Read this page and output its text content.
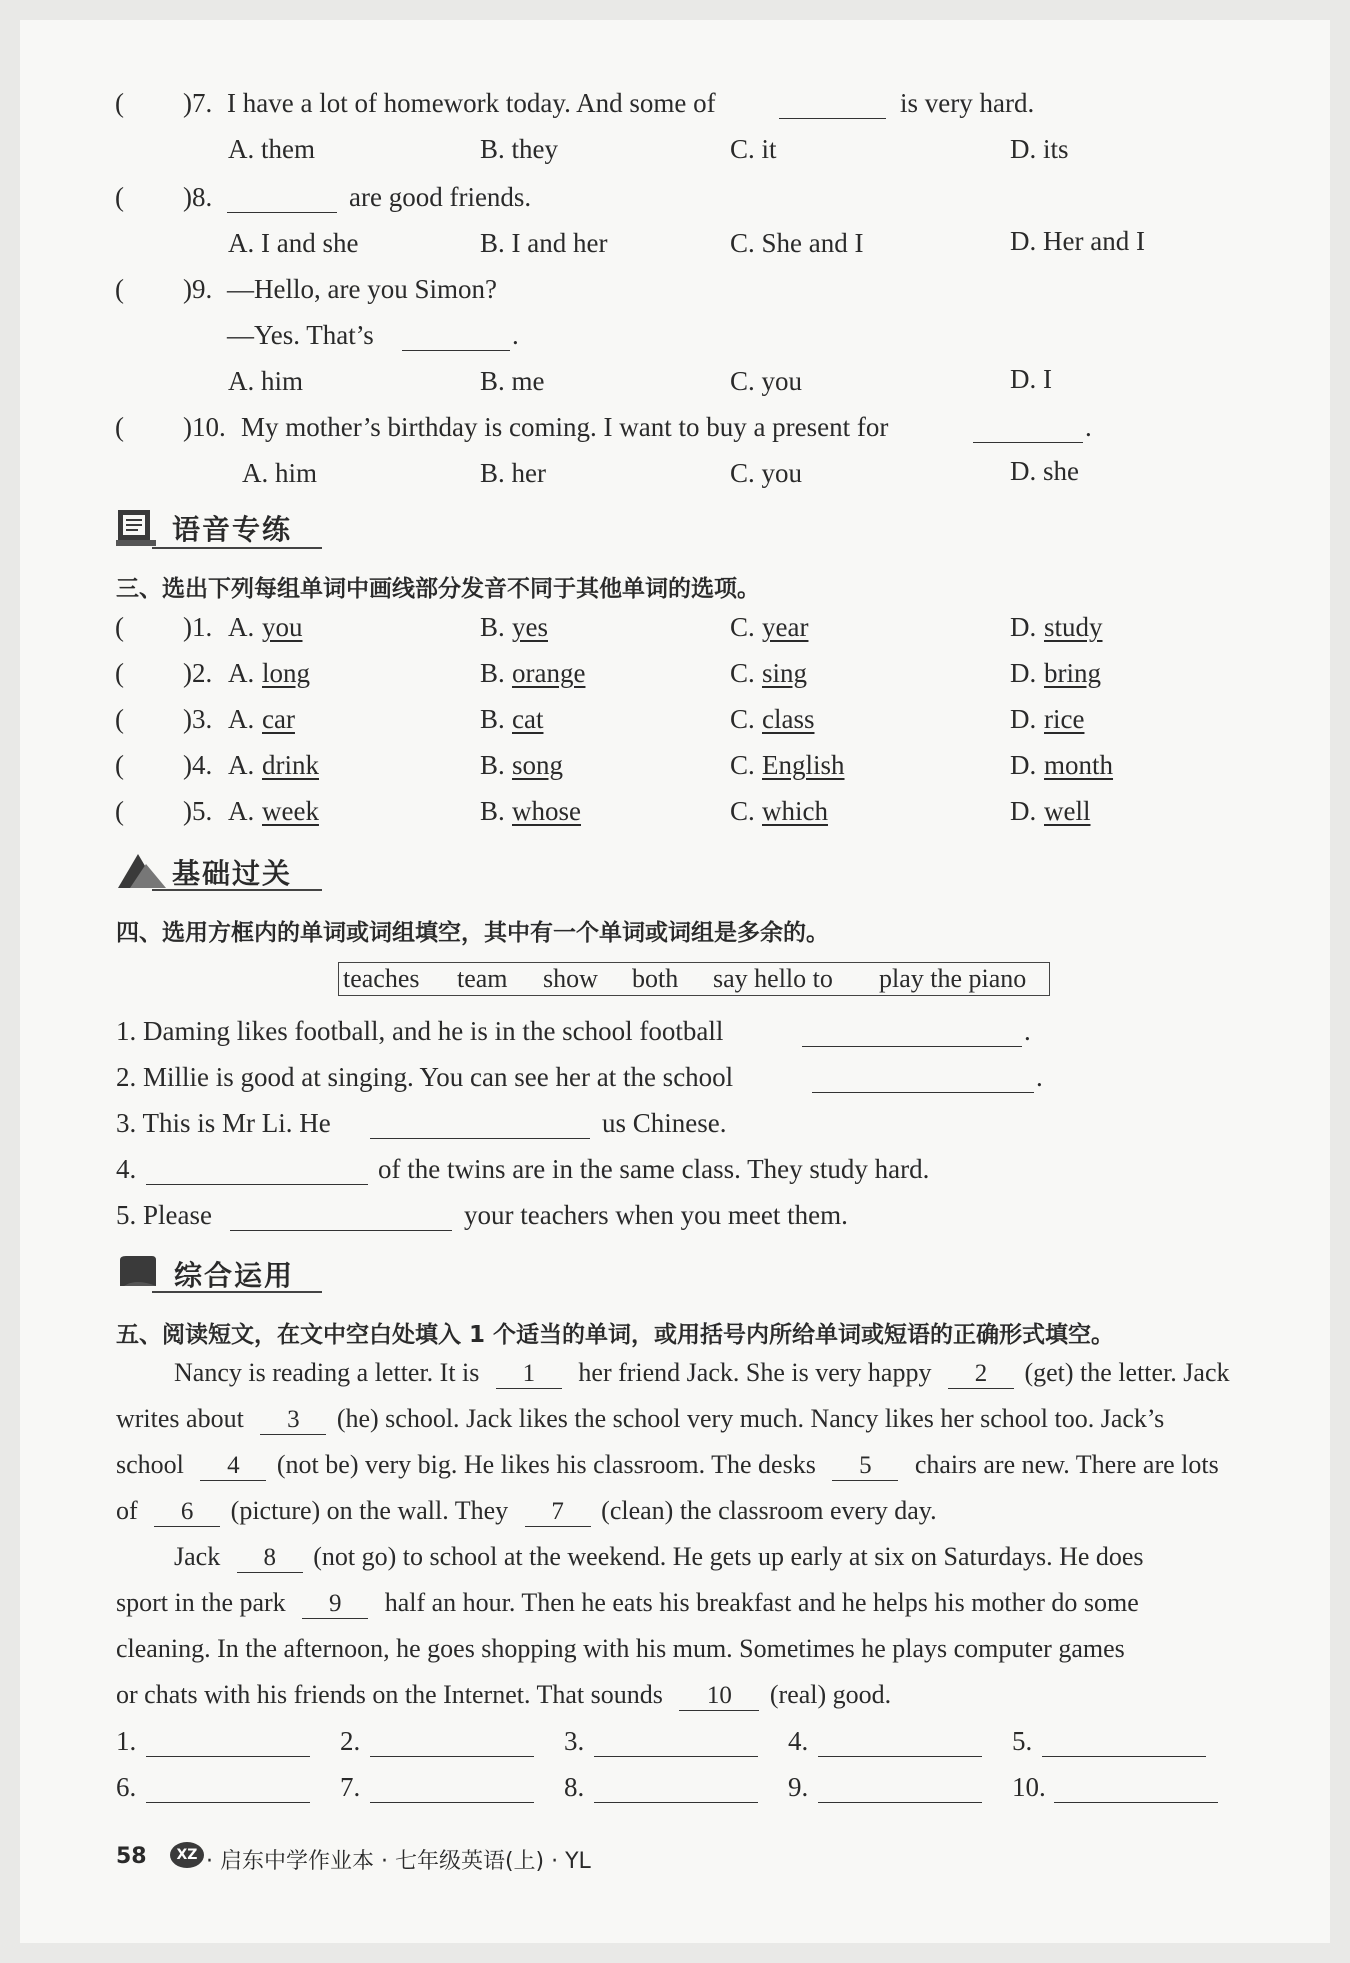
( )7. I have a lot of homework today. And some of	is very hard.
A. them	B. they	C. it	D. its
( )8.	are good friends.
A. I and she	B. I and her	C. She and I	D. Her and I
( )9. —Hello, are you Simon?
—Yes. That’s	.
A. him	B. me	C. you	D. I
( )10. My mother’s birthday is coming. I want to buy a present for	.
A. him	B. her	C. you	D. she
语音专练
三、选出下列每组单词中画线部分发音不同于其他单词的选项。
( )1. A. you	B. yes	C. year	D. study
( )2. A. long	B. orange	C. sing	D. bring
( )3. A. car	B. cat	C. class	D. rice
( )4. A. drink	B. song	C. English	D. month
( )5. A. week	B. whose	C. which	D. well
基础过关
四、选用方框内的单词或词组填空，其中有一个单词或词组是多余的。
teaches team show both say hello to play the piano
1. Daming likes football, and he is in the school football	.
2. Millie is good at singing. You can see her at the school	.
3. This is Mr Li. He	us Chinese.
4.	of the twins are in the same class. They study hard.
5. Please	your teachers when you meet them.
综合运用
五、阅读短文，在文中空白处填入 1 个适当的单词，或用括号内所给单词或短语的正确形式填空。
Nancy is reading a letter. It is 1 her friend Jack. She is very happy 2 (get) the letter. Jack
writes about 3 (he) school. Jack likes the school very much. Nancy likes her school too. Jack’s
school 4 (not be) very big. He likes his classroom. The desks 5 chairs are new. There are lots
of 6 (picture) on the wall. They 7 (clean) the classroom every day.
Jack 8 (not go) to school at the weekend. He gets up early at six on Saturdays. He does
sport in the park 9 half an hour. Then he eats his breakfast and he helps his mother do some
cleaning. In the afternoon, he goes shopping with his mum. Sometimes he plays computer games
or chats with his friends on the Internet. That sounds 10 (real) good.
1.	2.	3.	4.	5.
6.	7.	8.	9.	10.
58	XZ · 启东中学作业本 · 七年级英语(上) · YL
